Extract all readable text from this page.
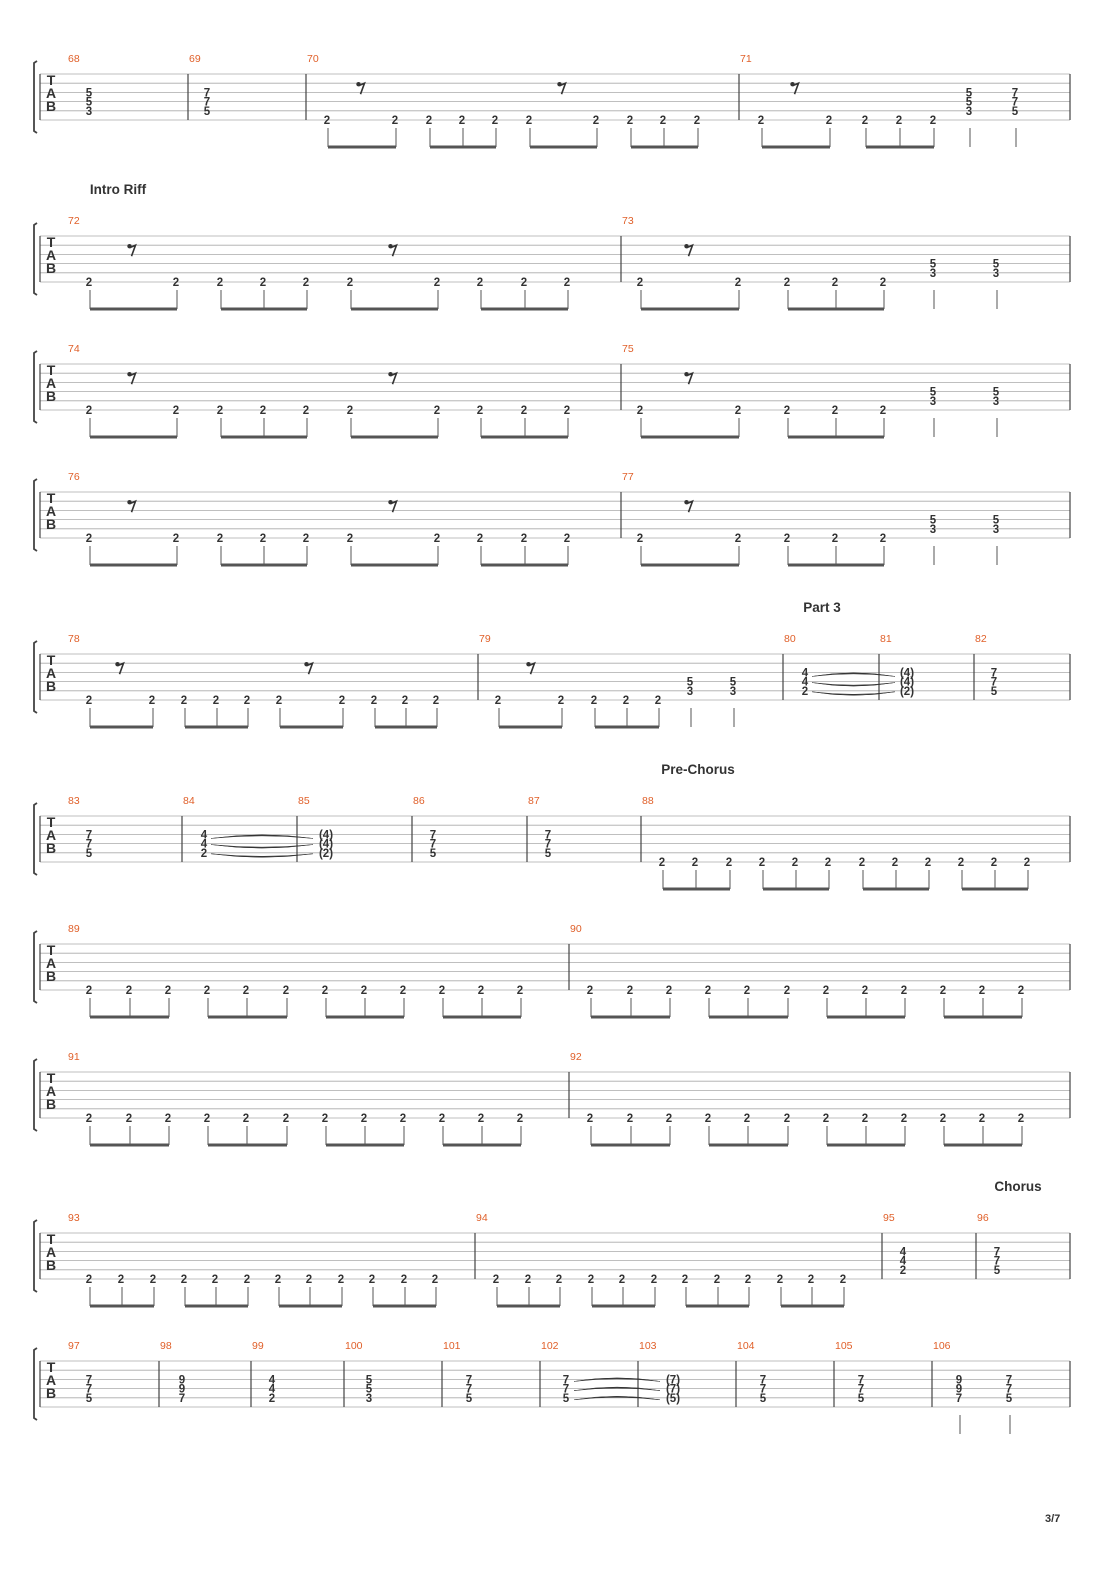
3/7
T
A
B
68
5
5
3
69
7
7
5
70
2	2 2 2 2 2	2 2 2 2
71
2	2	2 2 2
5
5
3
7
7
5
T
A
B
Intro Riff
72
2	2	2	2	2	2	2	2	2	2
73
2	2	2	2	2
5
3
5
3
T
A
B
74
2	2	2	2	2	2	2	2	2	2
75
2	2	2	2	2
5
3
5
3
T
A
B
76
2	2	2	2	2	2	2	2	2	2
77
2	2	2	2	2
5
3
5
3
T
A
B
Part 3
78
2	2 2 2 2 2	2 2 2 2
79
2	2 2 2 2
5
3
5
3
80
4
4
2
81
(4)
(4)
(2)
82
7
7
5
T
A
B
Pre-Chorus
83
7
7
5
84
4
4
2
85
(4)
(4)
(2)
86
7
7
5
87
7
7
5
88
2 2 2 2 2 2 2 2 2 2 2 2
T
A
B
89
2	2	2	2	2	2	2	2	2	2	2	2
90
2	2	2	2	2	2	2	2	2	2	2	2
T
A
B
91
2	2	2	2	2	2	2	2	2	2	2	2
92
2	2	2	2	2	2	2	2	2	2	2	2
T
A
B
Chorus
93
2 2 2 2 2 2 2 2 2 2 2 2
94
2 2 2 2 2 2 2 2 2 2 2 2
95
4
4
2
96
7
7
5
T
A
B
97
7
7
5
98
9
9
7
99
4
4
2
100
5
5
3
101
7
7
5
102
7
7
5
103
(7)
(7)
(5)
104
7
7
5
105
7
7
5
106
9
9
7
7
7
5
